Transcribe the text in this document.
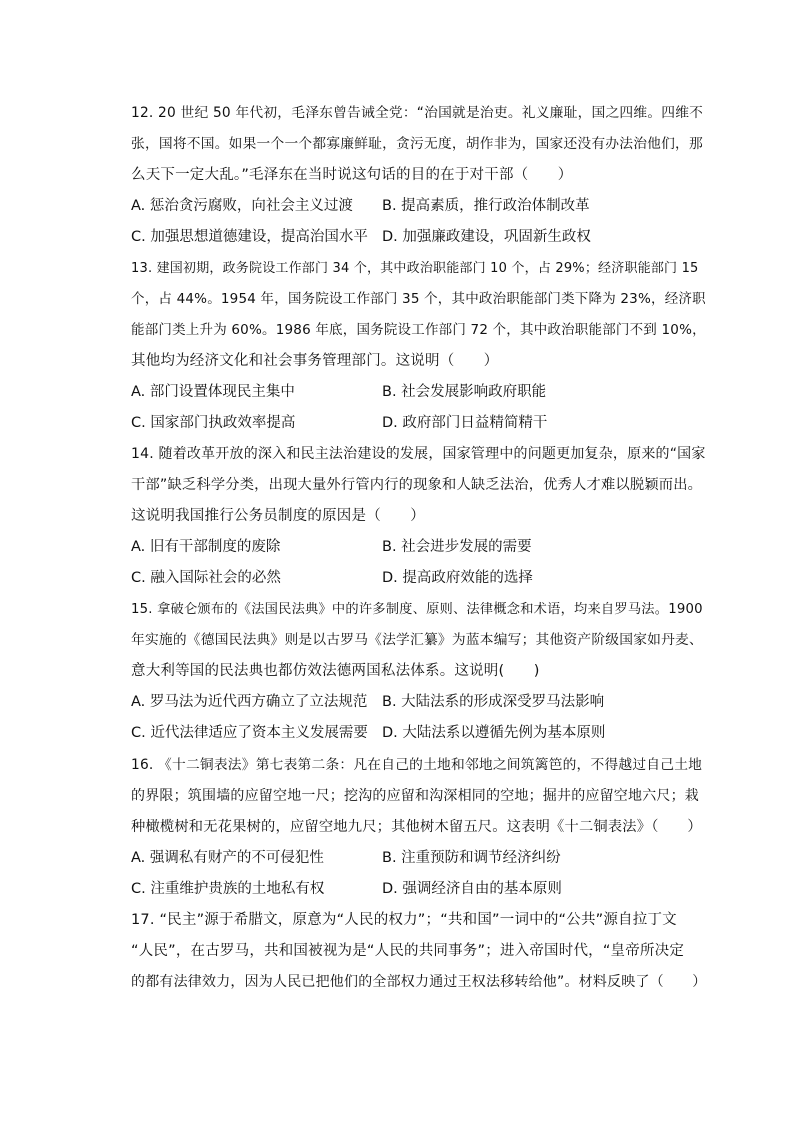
12. 20 世纪 50 年代初，毛泽东曾告诫全党：“治国就是治吏。礼义廉耻，国之四维。四维不
张，国将不国。如果一个一个都寡廉鲜耻，贪污无度，胡作非为，国家还没有办法治他们，那
么天下一定大乱。”毛泽东在当时说这句话的目的在于对干部（　　）
A. 惩治贪污腐败，向社会主义过渡 B. 提高素质，推行政治体制改革
C. 加强思想道德建设，提高治国水平 D. 加强廉政建设，巩固新生政权
13. 建国初期，政务院设工作部门 34 个，其中政治职能部门 10 个，占 29%；经济职能部门 15
个，占 44%。1954 年，国务院设工作部门 35 个，其中政治职能部门类下降为 23%，经济职
能部门类上升为 60%。1986 年底，国务院设工作部门 72 个，其中政治职能部门不到 10%，
其他均为经济文化和社会事务管理部门。这说明（　　）
A. 部门设置体现民主集中	B. 社会发展影响政府职能
C. 国家部门执政效率提高	D. 政府部门日益精简精干
14. 随着改革开放的深入和民主法治建设的发展，国家管理中的问题更加复杂，原来的“国家
干部”缺乏科学分类，出现大量外行管内行的现象和人缺乏法治，优秀人才难以脱颖而出。
这说明我国推行公务员制度的原因是（　　）
A. 旧有干部制度的废除	B. 社会进步发展的需要
C. 融入国际社会的必然	D. 提高政府效能的选择
15. 拿破仑颁布的《法国民法典》中的许多制度、原则、法律概念和术语，均来自罗马法。1900
年实施的《德国民法典》则是以古罗马《法学汇纂》为蓝本编写；其他资产阶级国家如丹麦、
意大利等国的民法典也都仿效法德两国私法体系。这说明(　　)
A. 罗马法为近代西方确立了立法规范 B. 大陆法系的形成深受罗马法影响
C. 近代法律适应了资本主义发展需要 D. 大陆法系以遵循先例为基本原则
16. 《十二铜表法》第七表第二条：凡在自己的土地和邻地之间筑篱笆的，不得越过自己土地
的界限；筑围墙的应留空地一尺；挖沟的应留和沟深相同的空地；掘井的应留空地六尺；栽
种橄榄树和无花果树的，应留空地九尺；其他树木留五尺。这表明《十二铜表法》（　　）
A. 强调私有财产的不可侵犯性	B. 注重预防和调节经济纠纷
C. 注重维护贵族的土地私有权	D. 强调经济自由的基本原则
17. “民主”源于希腊文，原意为“人民的权力”；“共和国”一词中的“公共”源自拉丁文
“人民”，在古罗马，共和国被视为是“人民的共同事务”；进入帝国时代，“皇帝所决定
的都有法律效力，因为人民已把他们的全部权力通过王权法移转给他”。材料反映了（　　）
